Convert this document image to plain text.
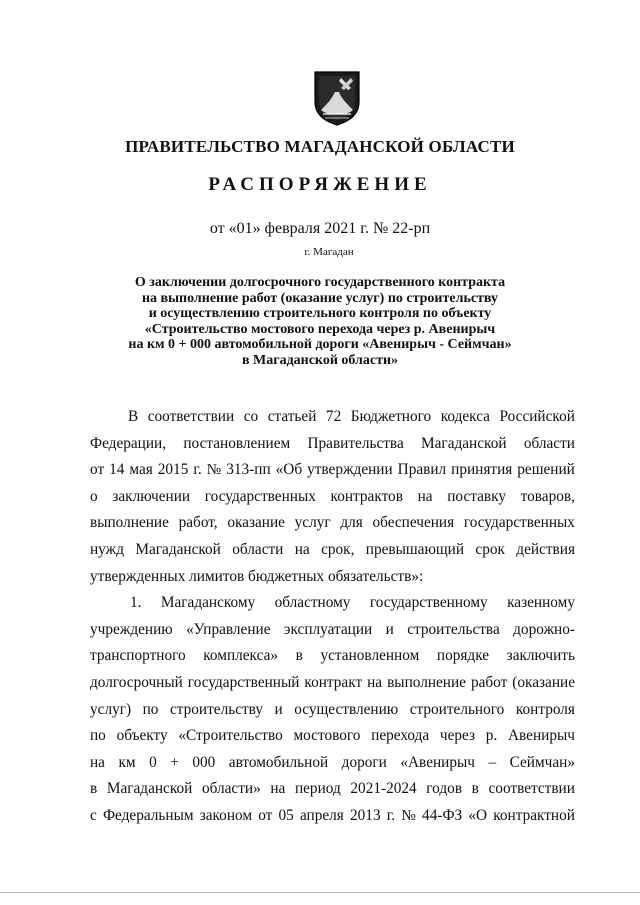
ПРАВИТЕЛЬСТВО МАГАДАНСКОЙ ОБЛАСТИ
РАСПОРЯЖЕНИЕ
от «01» февраля 2021 г. № 22-рп
г. Магадан
О заключении долгосрочного государственного контракта
на выполнение работ (оказание услуг) по строительству
и осуществлению строительного контроля по объекту
«Строительство мостового перехода через р. Авенирыч
на км 0 + 000 автомобильной дороги «Авенирыч - Сеймчан»
в Магаданской области»
В соответствии со статьей 72 Бюджетного кодекса Российской
Федерации, постановлением Правительства Магаданской области
от 14 мая 2015 г. № 313-пп «Об утверждении Правил принятия решений
о заключении государственных контрактов на поставку товаров,
выполнение работ, оказание услуг для обеспечения государственных
нужд Магаданской области на срок, превышающий срок действия
утвержденных лимитов бюджетных обязательств»:
1. Магаданскому областному государственному казенному
учреждению «Управление эксплуатации и строительства дорожно-
транспортного комплекса» в установленном порядке заключить
долгосрочный государственный контракт на выполнение работ (оказание
услуг) по строительству и осуществлению строительного контроля
по объекту «Строительство мостового перехода через р. Авенирыч
на км 0 + 000 автомобильной дороги «Авенирыч – Сеймчан»
в Магаданской области» на период 2021-2024 годов в соответствии
с Федеральным законом от 05 апреля 2013 г. № 44-ФЗ «О контрактной
